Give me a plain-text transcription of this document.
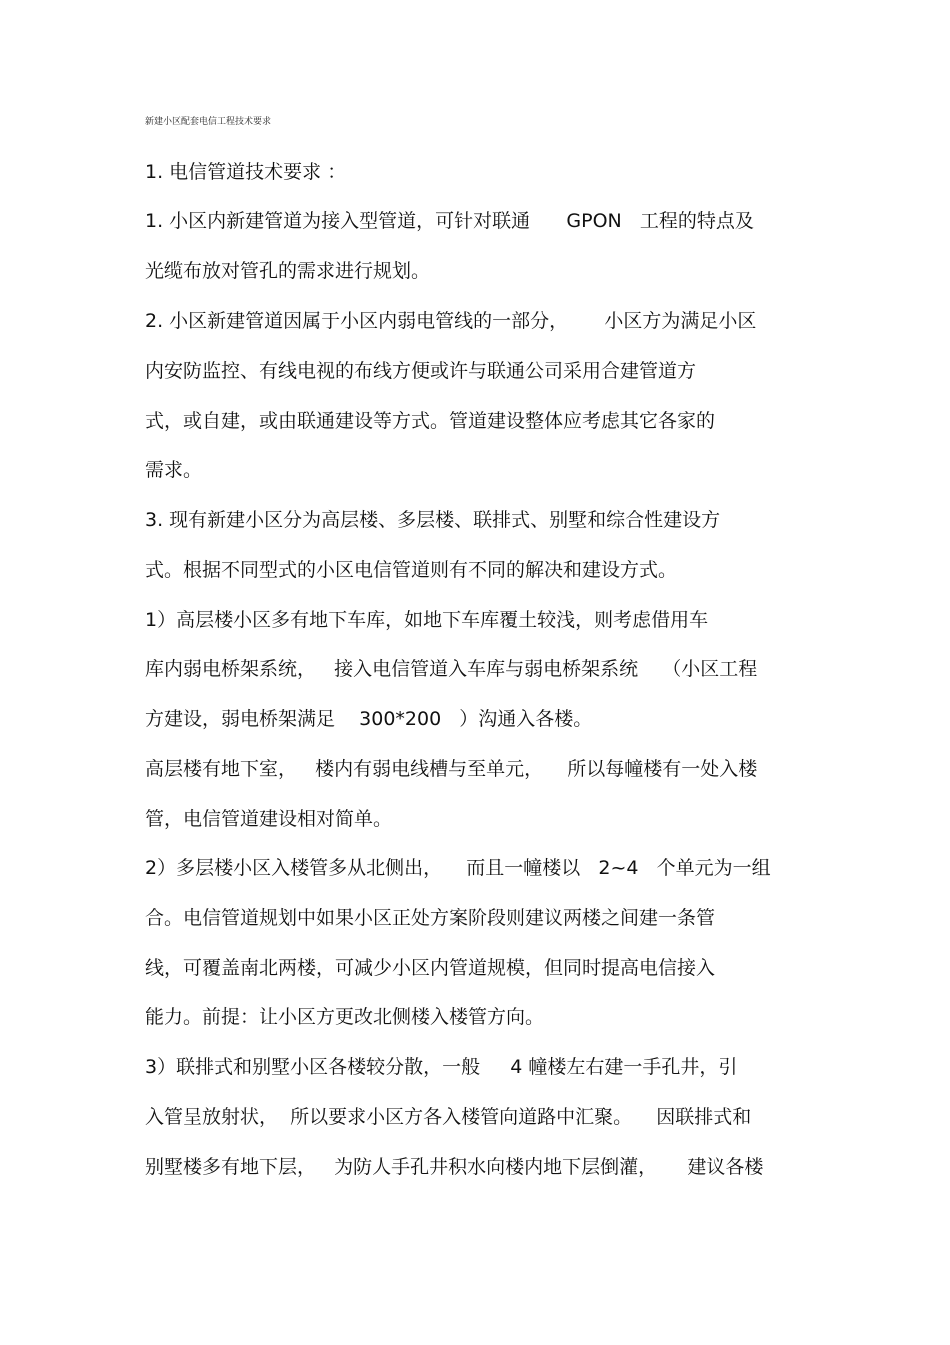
新建小区配套电信工程技术要求
1. 电信管道技术要求 ：
1. 小区内新建管道为接入型管道，可针对联通      GPON   工程的特点及
光缆布放对管孔的需求进行规划。
2. 小区新建管道因属于小区内弱电管线的一部分，      小区方为满足小区
内安防监控、有线电视的布线方便或许与联通公司采用合建管道方
式，或自建，或由联通建设等方式。管道建设整体应考虑其它各家的
需求。
3. 现有新建小区分为高层楼、多层楼、联排式、别墅和综合性建设方
式。根据不同型式的小区电信管道则有不同的解决和建设方式。
1）高层楼小区多有地下车库，如地下车库覆土较浅，则考虑借用车
库内弱电桥架系统，   接入电信管道入车库与弱电桥架系统    （小区工程
方建设，弱电桥架满足    300*200   ）沟通入各楼。
高层楼有地下室，   楼内有弱电线槽与至单元，    所以每幢楼有一处入楼
管，电信管道建设相对简单。
2）多层楼小区入楼管多从北侧出，    而且一幢楼以   2~4   个单元为一组
合。电信管道规划中如果小区正处方案阶段则建议两楼之间建一条管
线，可覆盖南北两楼，可减少小区内管道规模，但同时提高电信接入
能力。前提：让小区方更改北侧楼入楼管方向。
3）联排式和别墅小区各楼较分散，一般     4 幢楼左右建一手孔井，引
入管呈放射状，  所以要求小区方各入楼管向道路中汇聚。    因联排式和
别墅楼多有地下层，   为防人手孔井积水向楼内地下层倒灌，     建议各楼
